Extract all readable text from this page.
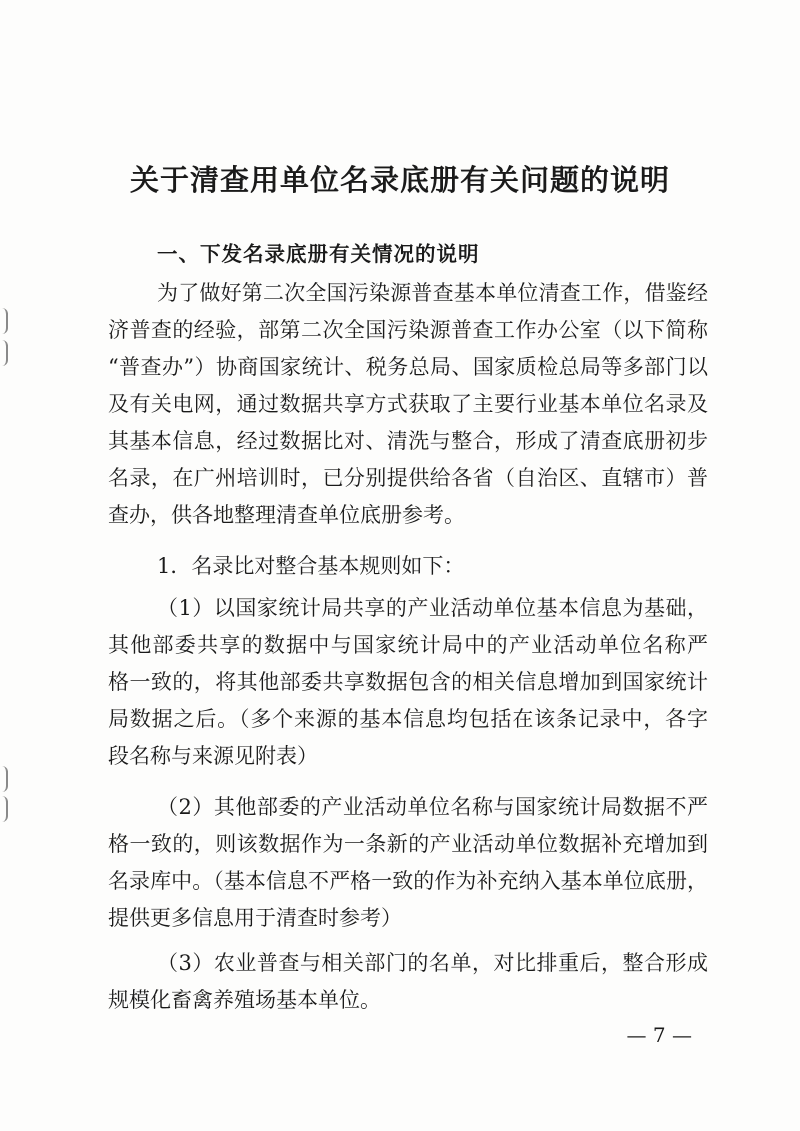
关于清查用单位名录底册有关问题的说明
一、下发名录底册有关情况的说明

为了做好第二次全国污染源普查基本单位清查工作，借鉴经

济普查的经验，部第二次全国污染源普查工作办公室（以下简称

“普查办”）协商国家统计、税务总局、国家质检总局等多部门以

及有关电网，通过数据共享方式获取了主要行业基本单位名录及

其基本信息，经过数据比对、清洗与整合，形成了清查底册初步

名录，在广州培训时，已分别提供给各省（自治区、直辖市）普

查办，供各地整理清查单位底册参考。

1．名录比对整合基本规则如下：

（1）以国家统计局共享的产业活动单位基本信息为基础，

其他部委共享的数据中与国家统计局中的产业活动单位名称严

格一致的，将其他部委共享数据包含的相关信息增加到国家统计

局数据之后。（多个来源的基本信息均包括在该条记录中，各字

段名称与来源见附表）

（2）其他部委的产业活动单位名称与国家统计局数据不严

格一致的，则该数据作为一条新的产业活动单位数据补充增加到

名录库中。（基本信息不严格一致的作为补充纳入基本单位底册，

提供更多信息用于清查时参考）

（3）农业普查与相关部门的名单，对比排重后，整合形成

规模化畜禽养殖场基本单位。

— 7 —
